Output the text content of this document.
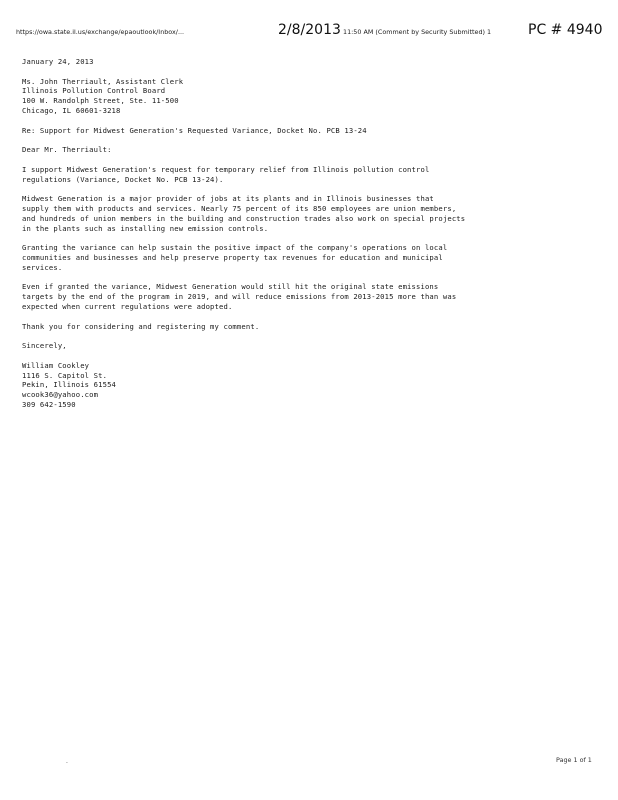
https://owa.state.il.us/exchange/epaoutlook/Inbox/...	2/8/2013 11:50 AM (Comment by Security Submitted) 1	PC # 4940
January 24, 2013
Ms. John Therriault, Assistant Clerk
Illinois Pollution Control Board
100 W. Randolph Street, Ste. 11-500
Chicago, IL 60601-3218
Re: Support for Midwest Generation's Requested Variance, Docket No. PCB 13-24
Dear Mr. Therriault:
I support Midwest Generation's request for temporary relief from Illinois pollution control
regulations (Variance, Docket No. PCB 13-24).
Midwest Generation is a major provider of jobs at its plants and in Illinois businesses that
supply them with products and services. Nearly 75 percent of its 850 employees are union members,
and hundreds of union members in the building and construction trades also work on special projects
in the plants such as installing new emission controls.
Granting the variance can help sustain the positive impact of the company's operations on local
communities and businesses and help preserve property tax revenues for education and municipal
services.
Even if granted the variance, Midwest Generation would still hit the original state emissions
targets by the end of the program in 2019, and will reduce emissions from 2013-2015 more than was
expected when current regulations were adopted.
Thank you for considering and registering my comment.
Sincerely,
William Cookley
1116 S. Capitol St.
Pekin, Illinois 61554
wcook36@yahoo.com
309 642-1590
.	Page 1 of 1
